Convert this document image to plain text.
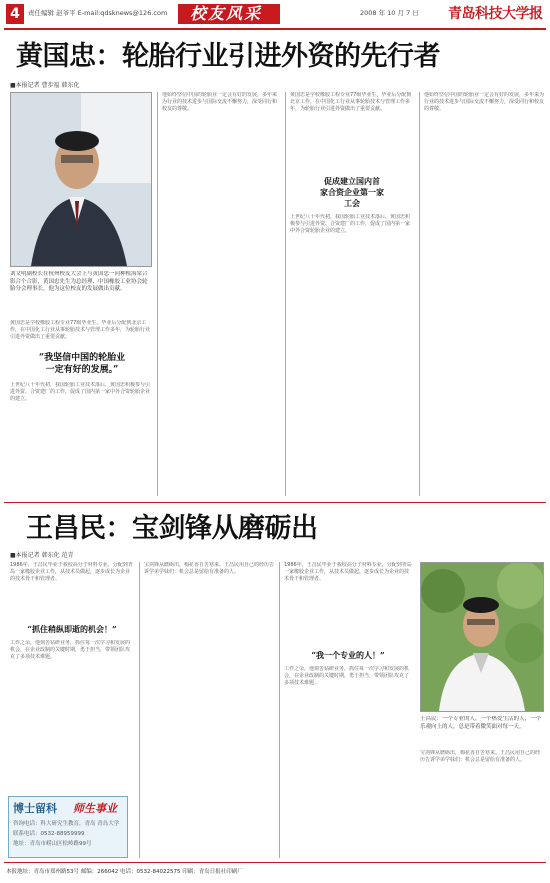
4	责任编辑 赵爷平 E-mail:qdsknews@126.com 校友风采	2008 年 10 月 7 日 青岛科技大学报
黄国忠：轮胎行业引进外资的先行者
■本报记者 曹步福 韩东化
刘文明副校长在杭州校友大会上与黄国忠一同种植海棠合影合个合影，黄国忠先生为总经理、中国橡胶工业协会轮胎分会理事长，他为这位校友的发展做出贡献。
黄国忠是学校橡胶工程专业77级毕业生，毕业后分配到北京工作，在中国化工行业从事轮胎技术与管理工作多年，为轮胎行业引进外资做出了重要贡献。
“我坚信中国的轮胎业
一定有好的发展。”
上世纪八十年代初，我国轮胎工业技术落后，黄国忠积极参与引进外资、合资建厂的工作，促成了国内第一家中外合资轮胎企业的建立。
他始终坚信中国的轮胎业一定会有好的发展，多年来为行业的技术进步与国际交流不懈努力，深受同行和校友的尊敬。
黄国忠是学校橡胶工程专业77级毕业生，毕业后分配到北京工作，在中国化工行业从事轮胎技术与管理工作多年，为轮胎行业引进外资做出了重要贡献。
促成建立国内首
家合资企业第一家
工会
上世纪八十年代初，我国轮胎工业技术落后，黄国忠积极参与引进外资、合资建厂的工作，促成了国内第一家中外合资轮胎企业的建立。
他始终坚信中国的轮胎业一定会有好的发展，多年来为行业的技术进步与国际交流不懈努力，深受同行和校友的尊敬。
王昌民：宝剑锋从磨砺出
■本报记者 韩东化 范青
1986年，王昌民毕业于我校高分子材料专业，分配到青岛一家橡胶企业工作，从技术员做起，逐步成长为企业的技术骨干和管理者。
“抓住稍纵即逝的机会！”
工作之余，他刻苦钻研业务，抓住每一次学习和发展的机会，在企业改制的关键时期，勇于担当，带领团队攻克了多项技术难题。
博士留科 师生事业
咨询电话：科大研究生教育，青岛 青岛大学
联系电话：0532-88959999
地址：青岛市崂山区松岭路99号
宝剑锋从磨砺出，梅花香自苦寒来。王昌民用自己的经历告诉学弟学妹们：机会总是留给有准备的人。
1986年，王昌民毕业于我校高分子材料专业，分配到青岛一家橡胶企业工作，从技术员做起，逐步成长为企业的技术骨干和管理者。
“我一个专业的人！”
工作之余，他刻苦钻研业务，抓住每一次学习和发展的机会，在企业改制的关键时期，勇于担当，带领团队攻克了多项技术难题。
王昌民：一个专业的人，一个热爱生活的人，一个乐观向上的人，总是带着微笑面对每一天。
宝剑锋从磨砺出，梅花香自苦寒来。王昌民用自己的经历告诉学弟学妹们：机会总是留给有准备的人。
本报地址：青岛市郑州路53号 邮编：266042 电话：0532-84022575 印刷：青岛日报社印刷厂
